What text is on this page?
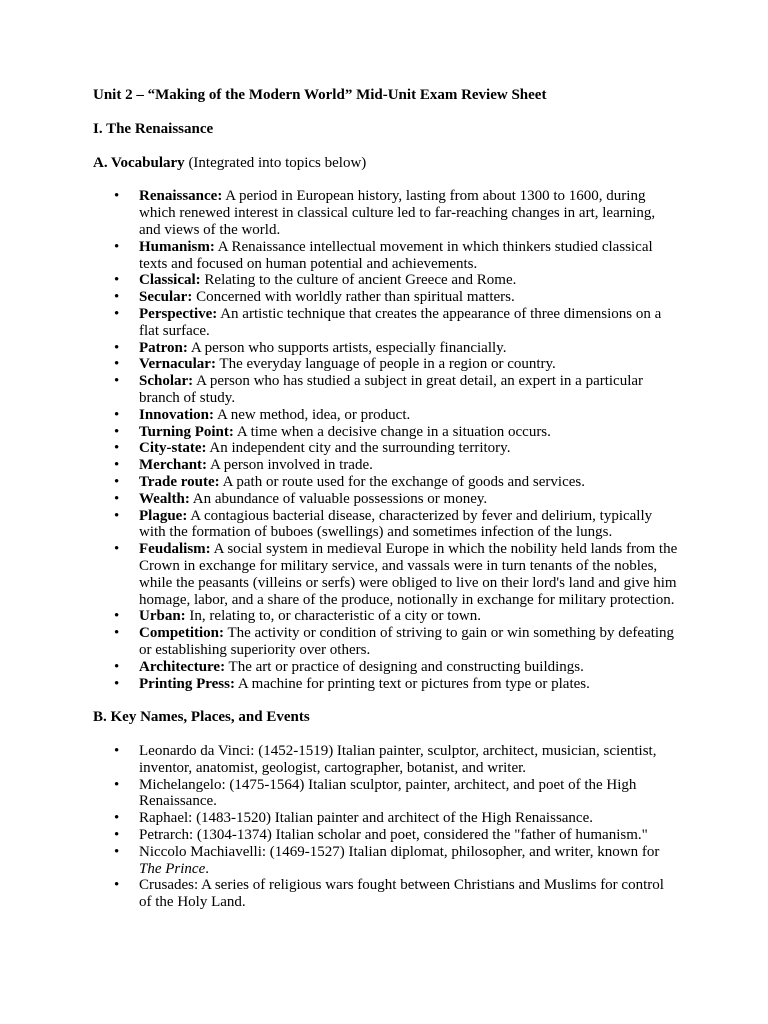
Unit 2 – “Making of the Modern World” Mid-Unit Exam Review Sheet
I. The Renaissance
A. Vocabulary (Integrated into topics below)
• Renaissance: A period in European history, lasting from about 1300 to 1600, during which renewed interest in classical culture led to far-reaching changes in art, learning, and views of the world.
• Humanism: A Renaissance intellectual movement in which thinkers studied classical texts and focused on human potential and achievements.
• Classical: Relating to the culture of ancient Greece and Rome.
• Secular: Concerned with worldly rather than spiritual matters.
• Perspective: An artistic technique that creates the appearance of three dimensions on a flat surface.
• Patron: A person who supports artists, especially financially.
• Vernacular: The everyday language of people in a region or country.
• Scholar: A person who has studied a subject in great detail, an expert in a particular branch of study.
• Innovation: A new method, idea, or product.
• Turning Point: A time when a decisive change in a situation occurs.
• City-state: An independent city and the surrounding territory.
• Merchant: A person involved in trade.
• Trade route: A path or route used for the exchange of goods and services.
• Wealth: An abundance of valuable possessions or money.
• Plague: A contagious bacterial disease, characterized by fever and delirium, typically with the formation of buboes (swellings) and sometimes infection of the lungs.
• Feudalism: A social system in medieval Europe in which the nobility held lands from the Crown in exchange for military service, and vassals were in turn tenants of the nobles, while the peasants (villeins or serfs) were obliged to live on their lord's land and give him homage, labor, and a share of the produce, notionally in exchange for military protection.
• Urban: In, relating to, or characteristic of a city or town.
• Competition: The activity or condition of striving to gain or win something by defeating or establishing superiority over others.
• Architecture: The art or practice of designing and constructing buildings.
• Printing Press: A machine for printing text or pictures from type or plates.
B. Key Names, Places, and Events
• Leonardo da Vinci: (1452-1519) Italian painter, sculptor, architect, musician, scientist, inventor, anatomist, geologist, cartographer, botanist, and writer.
• Michelangelo: (1475-1564) Italian sculptor, painter, architect, and poet of the High Renaissance.
• Raphael: (1483-1520) Italian painter and architect of the High Renaissance.
• Petrarch: (1304-1374) Italian scholar and poet, considered the "father of humanism."
• Niccolo Machiavelli: (1469-1527) Italian diplomat, philosopher, and writer, known for The Prince.
• Crusades: A series of religious wars fought between Christians and Muslims for control of the Holy Land.
